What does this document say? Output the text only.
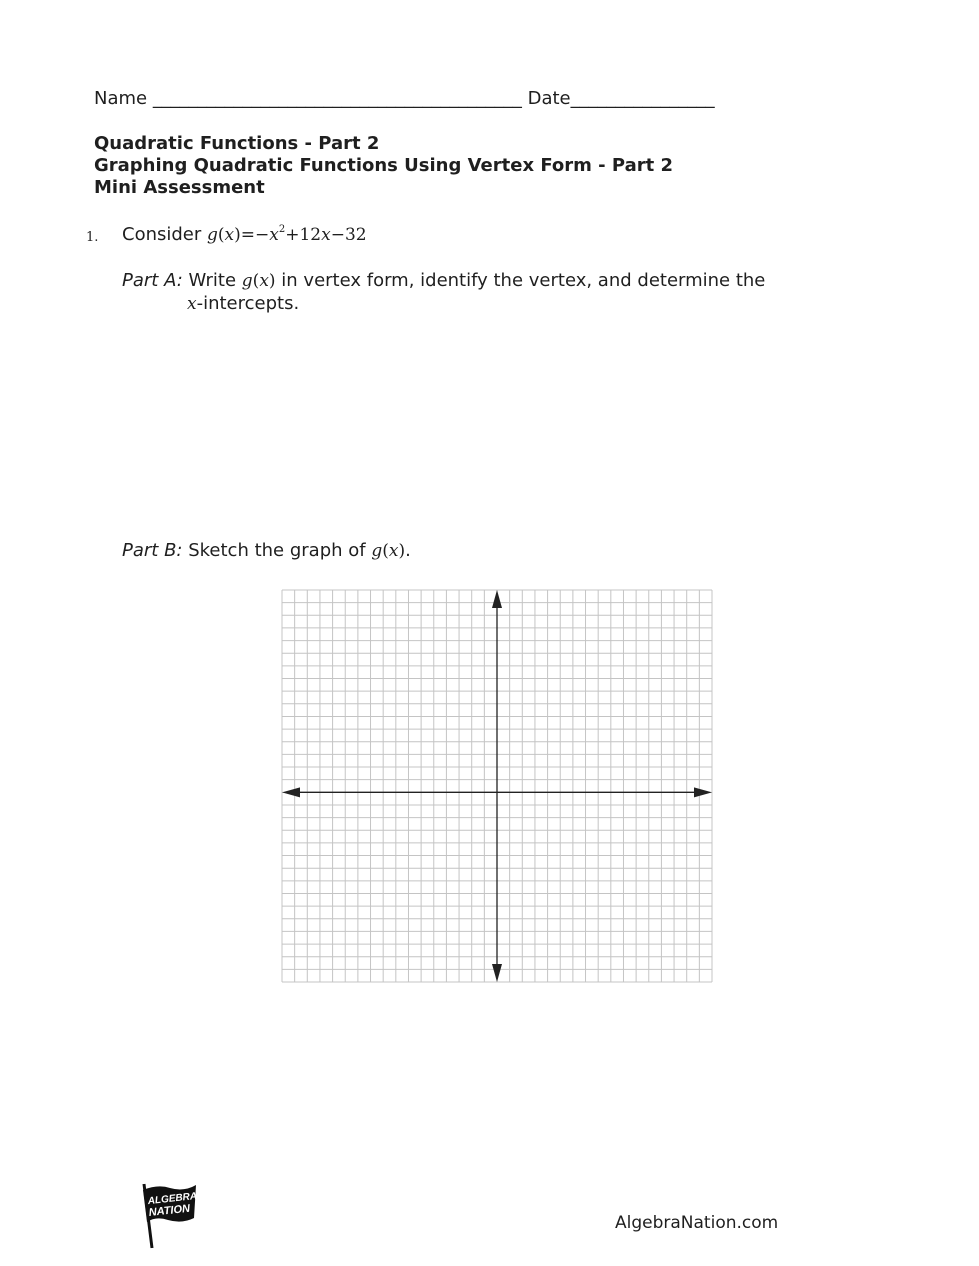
Name _________________________________________ Date________________
Quadratic Functions - Part 2
Graphing Quadratic Functions Using Vertex Form - Part 2
Mini Assessment
1. Consider $g(x)=-x^2+12x-32$
Part A: Write g(x) in vertex form, identify the vertex, and determine the
x-intercepts.
Part B: Sketch the graph of g(x).
ALGEBRA
NATION
AlgebraNation.com
